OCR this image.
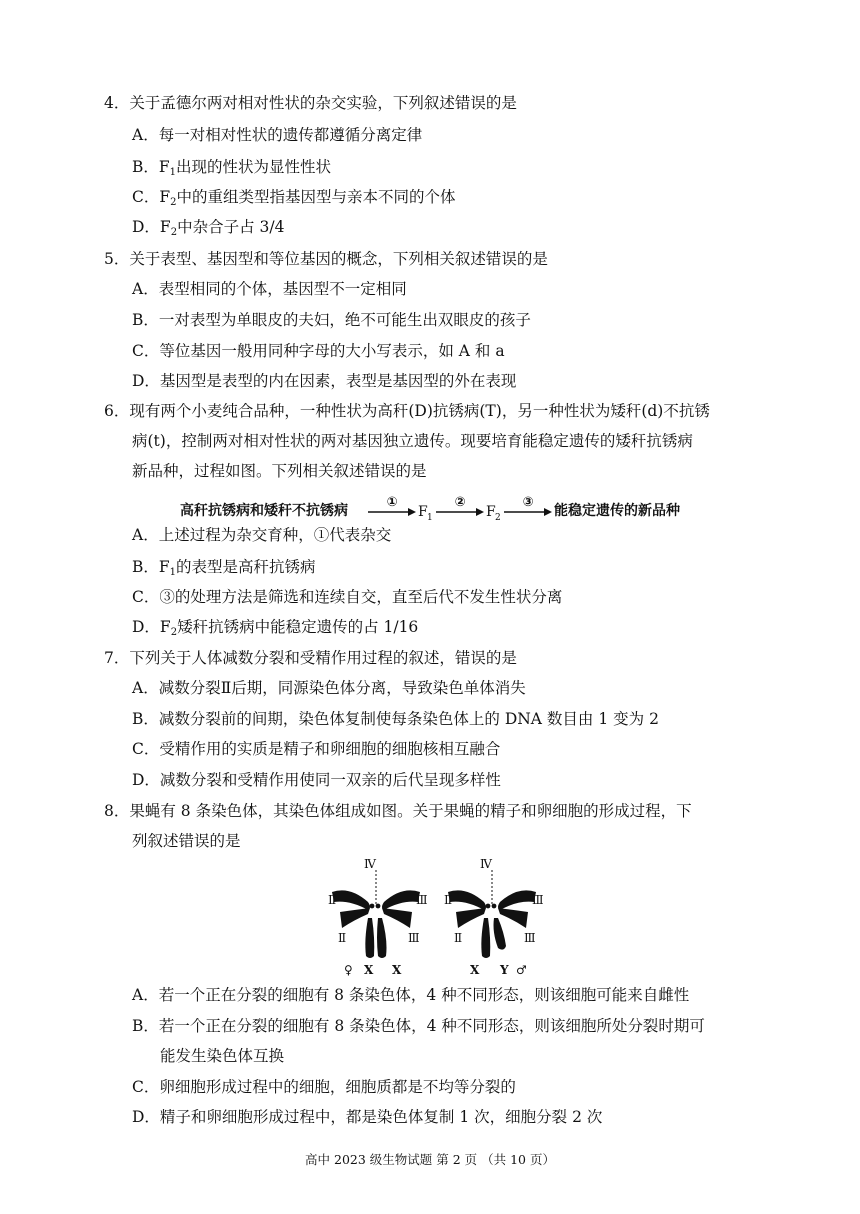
4．关于孟德尔两对相对性状的杂交实验，下列叙述错误的是
A．每一对相对性状的遗传都遵循分离定律
B．$F_1$出现的性状为显性性状
C．$F_2$中的重组类型指基因型与亲本不同的个体
D．$F_2$中杂合子占 3/4
5．关于表型、基因型和等位基因的概念，下列相关叙述错误的是
A．表型相同的个体，基因型不一定相同
B．一对表型为单眼皮的夫妇，绝不可能生出双眼皮的孩子
C．等位基因一般用同种字母的大小写表示，如 A 和 a
D．基因型是表型的内在因素，表型是基因型的外在表现
6．现有两个小麦纯合品种，一种性状为高秆(D)抗锈病(T)，另一种性状为矮秆(d)不抗锈
病(t)，控制两对相对性状的两对基因独立遗传。现要培育能稳定遗传的矮秆抗锈病
新品种，过程如图。下列相关叙述错误的是
高秆抗锈病和矮秆不抗锈病
①
F 1
②
F 2
③
能稳定遗传的新品种
A．上述过程为杂交育种，①代表杂交
B．$F_1$的表型是高秆抗锈病
C．③的处理方法是筛选和连续自交，直至后代不发生性状分离
D．$F_2$矮秆抗锈病中能稳定遗传的占 1/16
7．下列关于人体减数分裂和受精作用过程的叙述，错误的是
A．减数分裂Ⅱ后期，同源染色体分离，导致染色单体消失
B．减数分裂前的间期，染色体复制使每条染色体上的 DNA 数目由 1 变为 2
C．受精作用的实质是精子和卵细胞的细胞核相互融合
D．减数分裂和受精作用使同一双亲的后代呈现多样性
8．果蝇有 8 条染色体，其染色体组成如图。关于果蝇的精子和卵细胞的形成过程，下
列叙述错误的是
Ⅳ
Ⅱ
Ⅱ
Ⅲ
Ⅲ
♀ X X
Ⅳ
Ⅱ
Ⅱ
Ⅲ
Ⅲ
X Y ♂
A．若一个正在分裂的细胞有 8 条染色体，4 种不同形态，则该细胞可能来自雌性
B．若一个正在分裂的细胞有 8 条染色体，4 种不同形态，则该细胞所处分裂时期可
能发生染色体互换
C．卵细胞形成过程中的细胞，细胞质都是不均等分裂的
D．精子和卵细胞形成过程中，都是染色体复制 1 次，细胞分裂 2 次
高中 2023 级生物试题 第 2 页 （共 10 页）
